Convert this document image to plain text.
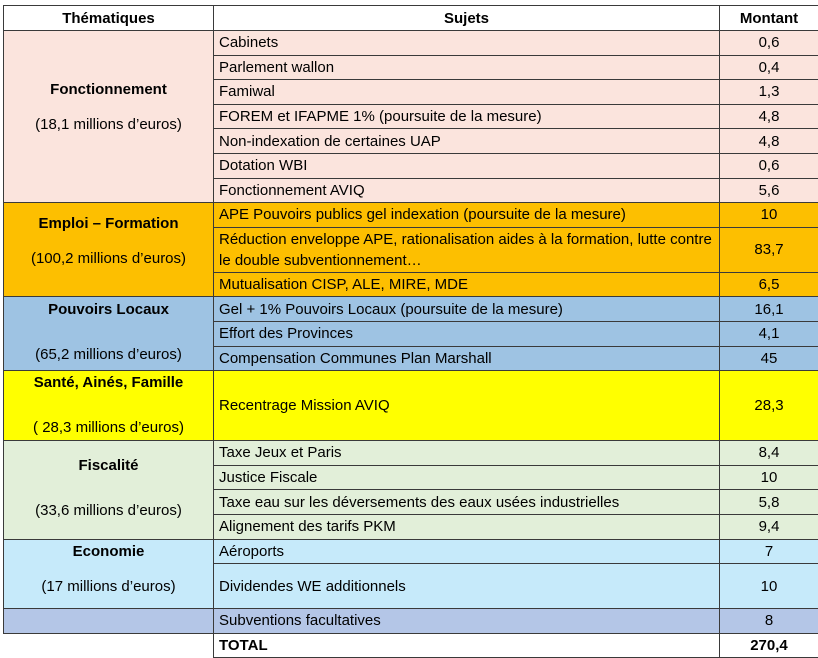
Thématiques	Sujets	Montant

Fonctionnement
(18,1 millions d’euros)	Cabinets	0,6
	Parlement wallon	0,4
	Famiwal	1,3
	FOREM et IFAPME 1% (poursuite de la mesure)	4,8
	Non-indexation de certaines UAP	4,8
	Dotation WBI	0,6
	Fonctionnement AVIQ	5,6

Emploi – Formation
(100,2 millions d’euros)	APE Pouvoirs publics gel indexation (poursuite de la mesure)	10
	Réduction enveloppe APE, rationalisation aides à la formation, lutte contre le double subventionnement…	83,7
	Mutualisation CISP, ALE, MIRE, MDE	6,5

Pouvoirs Locaux
(65,2 millions d’euros)	Gel + 1% Pouvoirs Locaux (poursuite de la mesure)	16,1
	Effort des Provinces	4,1
	Compensation Communes Plan Marshall	45

Santé, Ainés, Famille
( 28,3 millions d’euros)	Recentrage Mission AVIQ	28,3

Fiscalité
(33,6 millions d’euros)	Taxe Jeux et Paris	8,4
	Justice Fiscale	10
	Taxe eau sur les déversements des eaux usées industrielles	5,8
	Alignement des tarifs PKM	9,4

Economie
(17 millions d’euros)	Aéroports	7
	Dividendes WE additionnels	10
	Subventions facultatives	8
	TOTAL	270,4
